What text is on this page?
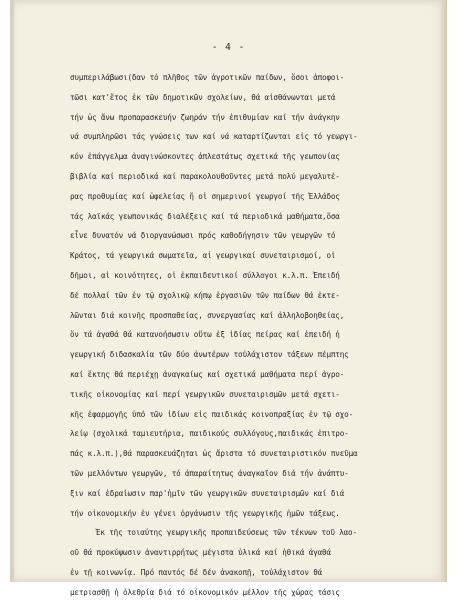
- 4 -
συμπεριλάβωσι(δαν τό πλῆθος τῶν ἀγροτικῶν παίδων, ὅσοι ἀποφοι-
τῶσι κατ'ἔτος ἐκ τῶν δημοτικῶν σχολείων, θά αἰσθάνωνται μετά
τήν ὡς ἄνω προπαρασκευήν ζωηράν τήν ἐπιθυμίαν καί τήν ἀνάγκην
νά συμπληρῶσι τάς γνώσεις των καί νά καταρτίζωνται εἰς τό γεωργι-
κόν ἐπάγγελμα ἀναγινώσκοντες ἀπλεστάτως σχετικά τῆς γεωπονίας
βιβλία καί περιοδικά καί παρακολουθοῦντες μετά πολύ μεγαλυτέ-
ρας προθυμίας καί ὠφελείας ἤ οἱ σημερινοί γεωργοί τῆς Ἑλλάδος
τάς λαϊκάς γεωπονικάς διαλέξεις καί τά περιοδικά μαθήματα,ὅσα
εἶνε δυνατόν νά διοργανώσωσι πρός καθοδήγησιν τῶν γεωργῶν τό
Κράτος, τά γεωργικά σωματεῖα, αἱ γεωργικαί συνεταιρισμοί, οἱ
δῆμοι, αἱ κοινότητες, οἱ ἐκπαιδευτικοί σύλλογοι κ.λ.π. Ἐπειδή
δέ πολλαί τῶν ἐν τῷ σχολικῷ κήπῳ ἐργασιῶν τῶν παίδων θά ἐκτε-
λῶνται διά κοινῆς προσπαθείας, συνεργασίας καί ἀλληλοβοηθείας,
ὅν τά ἀγαθά θά κατανοήσωσιν οὕτω ἐξ ἰδίας πείρας καί ἐπειδή ἡ
γεωργική διδασκαλία τῶν δύο ἀνωτέρων τοὐλάχιστον τάξεων πέμπτης
καί ἕκτης θά περιέχῃ ἀναγκαίως καί σχετικά μαθήματα περί ἀγρο-
τικῆς οἰκονομίας καί περί γεωργικῶν συνεταιρισμῶν μετά σχετι-
κῆς ἐφαρμογῆς ὑπό τῶν ἰδίων εἰς παιδικάς κοινοπραξίας ἐν τῷ σχο-
λείῳ (σχολικά ταμιευτήρια, παιδικούς συλλόγους,παιδικάς ἐπιτρο-
πάς κ.λ.π.),θά παρασκευάζηται ὡς ἄριστα τό συνεταιριστικόν πνεῦμα
τῶν μελλόντων γεωργῶν, τό ἀπαραίτητως ἀναγκαῖον διά τήν ἀνάπτυ-
ξιν καί ἑδραίωσιν παρ'ἡμῖν τῶν γεωργικῶν συνεταιρισμῶν καί διά
τήν οἰκονομικήν ἐν γένει ὀργάνωσιν τῆς γεωργικῆς ἡμῶν τάξεως.
Ἐκ τῆς τοιαύτης γεωργικῆς προπαιδεύσεως τῶν τέκνων τοῦ λαο-
οῦ θά προκύψωσιν ἀναντιρρήτως μέγιστα ὑλικά καί ἠθικά ἀγαθά
ἐν τῇ κοινωνίᾳ. Πρό παντός δέ δέν ἀνακοπῇ, τοὐλάχιστον θά
μετριασθῇ ἡ ὁλεθρία διά τό οἰκονομικόν μέλλον τῆς χώρας τάσις
